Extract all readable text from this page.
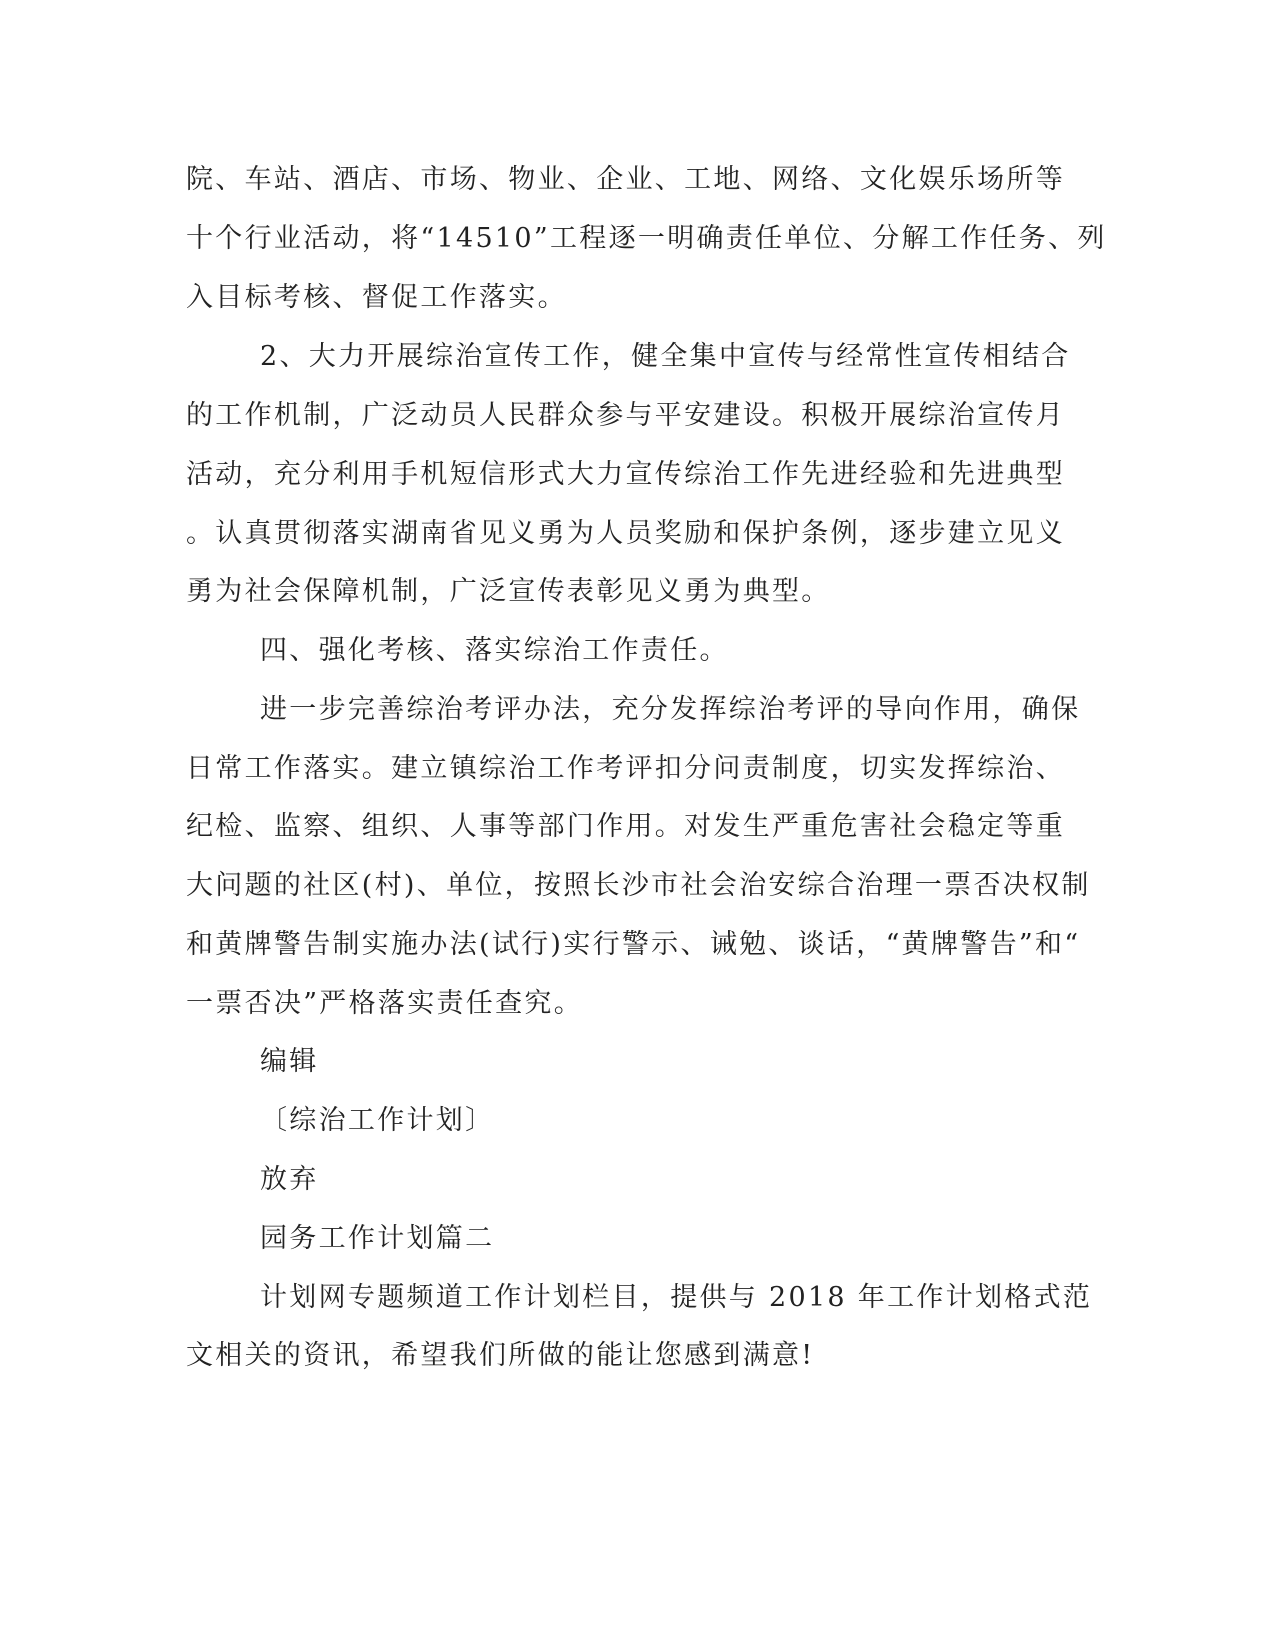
院、车站、酒店、市场、物业、企业、工地、网络、文化娱乐场所等
十个行业活动，将“14510”工程逐一明确责任单位、分解工作任务、列
入目标考核、督促工作落实。
2、大力开展综治宣传工作，健全集中宣传与经常性宣传相结合
的工作机制，广泛动员人民群众参与平安建设。积极开展综治宣传月
活动，充分利用手机短信形式大力宣传综治工作先进经验和先进典型
。认真贯彻落实湖南省见义勇为人员奖励和保护条例，逐步建立见义
勇为社会保障机制，广泛宣传表彰见义勇为典型。
四、强化考核、落实综治工作责任。
进一步完善综治考评办法，充分发挥综治考评的导向作用，确保
日常工作落实。建立镇综治工作考评扣分问责制度，切实发挥综治、
纪检、监察、组织、人事等部门作用。对发生严重危害社会稳定等重
大问题的社区(村)、单位，按照长沙市社会治安综合治理一票否决权制
和黄牌警告制实施办法(试行)实行警示、诫勉、谈话，“黄牌警告”和“
一票否决”严格落实责任查究。
编辑
〔综治工作计划〕
放弃
园务工作计划篇二
计划网专题频道工作计划栏目，提供与 2018 年工作计划格式范
文相关的资讯，希望我们所做的能让您感到满意!
